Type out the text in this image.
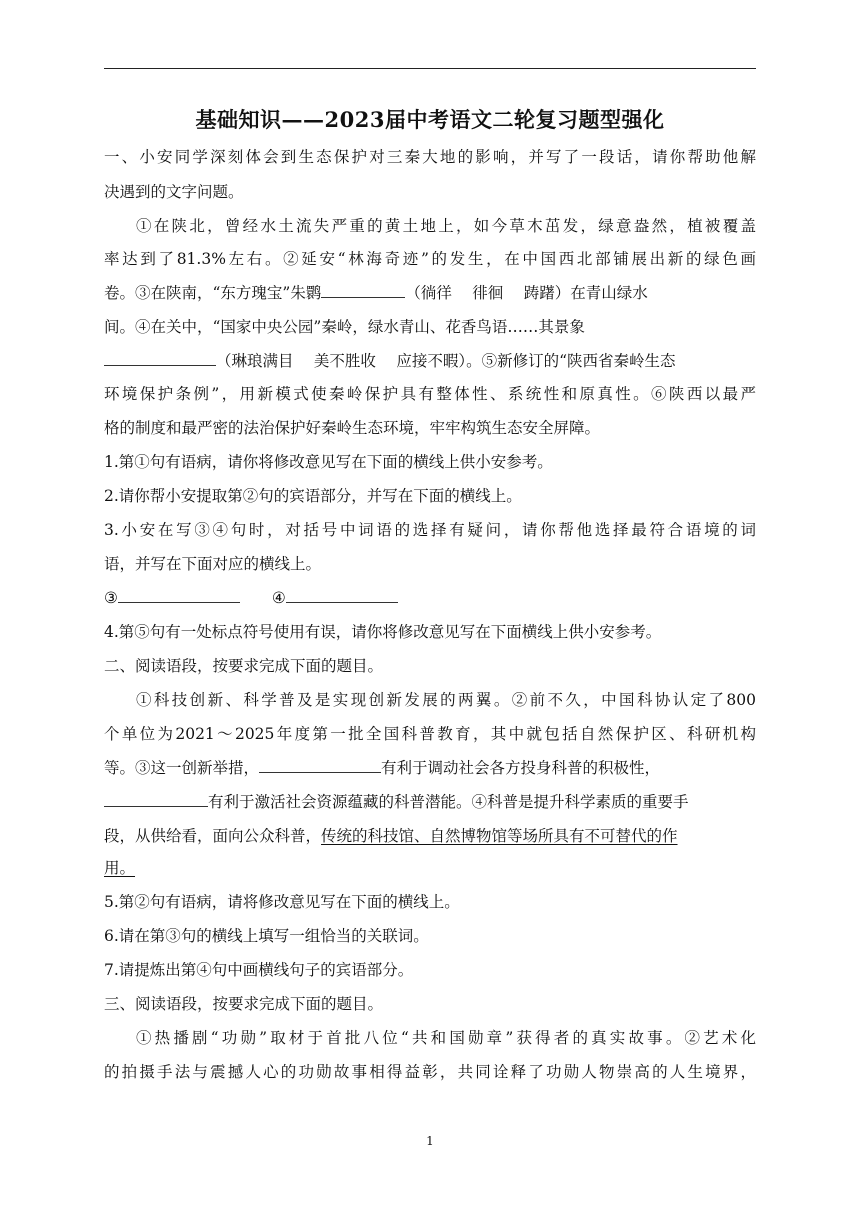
基础知识——2023届中考语文二轮复习题型强化
一、小安同学深刻体会到生态保护对三秦大地的影响，并写了一段话，请你帮助他解
决遇到的文字问题。
①在陕北，曾经水土流失严重的黄土地上，如今草木茁发，绿意盎然，植被覆盖
率达到了81.3%左右。②延安“林海奇迹”的发生，在中国西北部铺展出新的绿色画
卷。③在陕南，“东方瑰宝”朱鹮	（徜徉　 徘徊　 踌躇）在青山绿水
间。④在关中，“国家中央公园”秦岭，绿水青山、花香鸟语……其景象
（琳琅满目　 美不胜收　 应接不暇）。⑤新修订的“陕西省秦岭生态
环境保护条例”，用新模式使秦岭保护具有整体性、系统性和原真性。⑥陕西以最严
格的制度和最严密的法治保护好秦岭生态环境，牢牢构筑生态安全屏障。
1.第①句有语病，请你将修改意见写在下面的横线上供小安参考。
2.请你帮小安提取第②句的宾语部分，并写在下面的横线上。
3.小安在写③④句时，对括号中词语的选择有疑问，请你帮他选择最符合语境的词
语，并写在下面对应的横线上。
③	④
4.第⑤句有一处标点符号使用有误，请你将修改意见写在下面横线上供小安参考。
二、阅读语段，按要求完成下面的题目。
①科技创新、科学普及是实现创新发展的两翼。②前不久，中国科协认定了800
个单位为2021～2025年度第一批全国科普教育，其中就包括自然保护区、科研机构
等。③这一创新举措，	有利于调动社会各方投身科普的积极性，
有利于激活社会资源蕴藏的科普潜能。④科普是提升科学素质的重要手
段，从供给看，面向公众科普，传统的科技馆、自然博物馆等场所具有不可替代的作
用。
5.第②句有语病，请将修改意见写在下面的横线上。
6.请在第③句的横线上填写一组恰当的关联词。
7.请提炼出第④句中画横线句子的宾语部分。
三、阅读语段，按要求完成下面的题目。
①热播剧“功勋”取材于首批八位“共和国勋章”获得者的真实故事。②艺术化
的拍摄手法与震撼人心的功勋故事相得益彰，共同诠释了功勋人物崇高的人生境界，
1
